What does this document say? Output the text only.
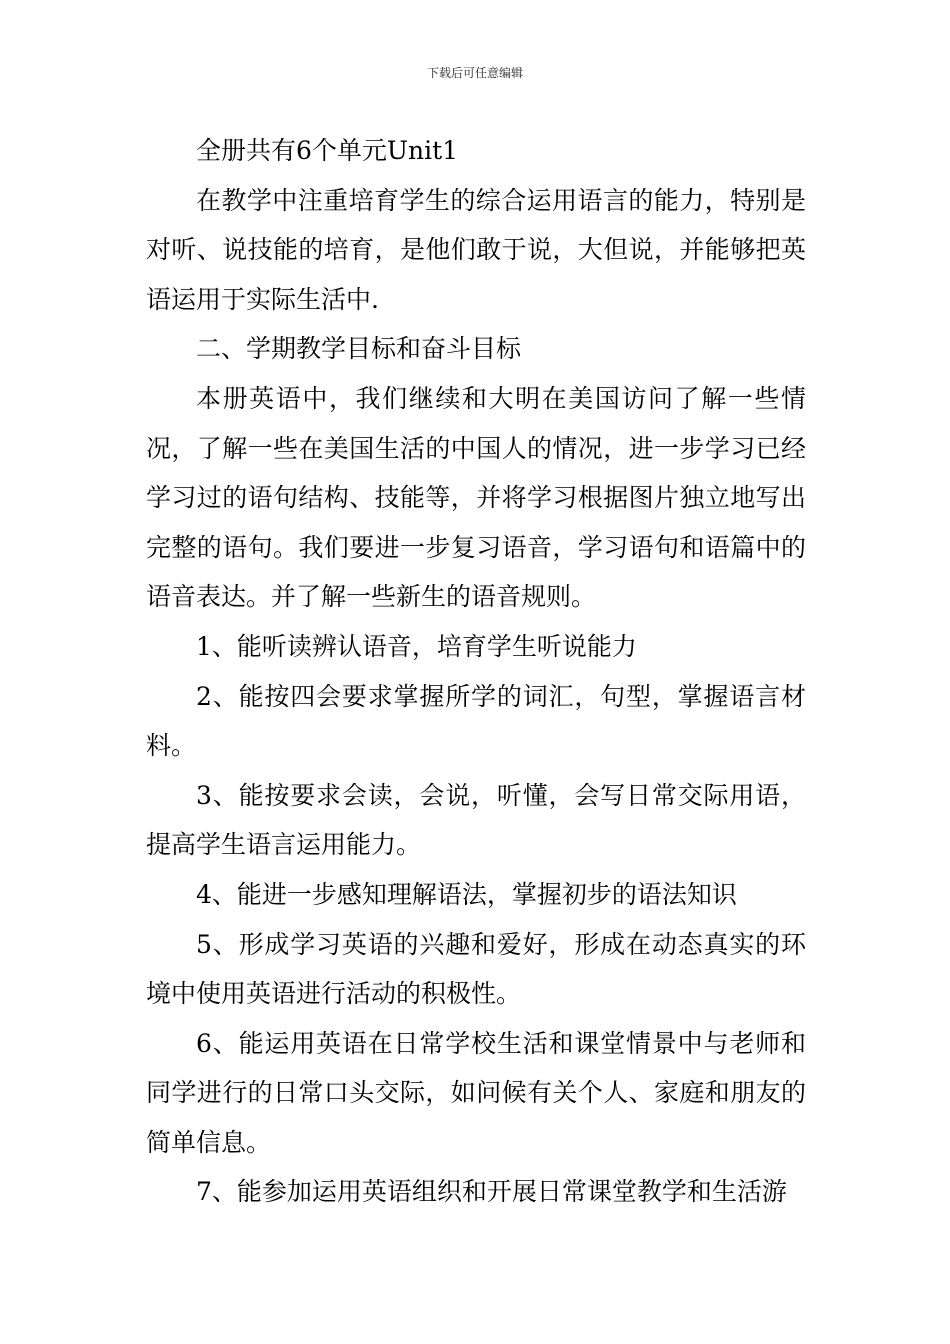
下载后可任意编辑

全册共有6个单元Unit1

在教学中注重培育学生的综合运用语言的能力，特别是对听、说技能的培育，是他们敢于说，大但说，并能够把英语运用于实际生活中.

二、学期教学目标和奋斗目标

本册英语中，我们继续和大明在美国访问了解一些情况，了解一些在美国生活的中国人的情况，进一步学习已经学习过的语句结构、技能等，并将学习根据图片独立地写出完整的语句。我们要进一步复习语音，学习语句和语篇中的语音表达。并了解一些新生的语音规则。

1、能听读辨认语音，培育学生听说能力

2、能按四会要求掌握所学的词汇，句型，掌握语言材料。

3、能按要求会读，会说，听懂，会写日常交际用语，提高学生语言运用能力。

4、能进一步感知理解语法，掌握初步的语法知识

5、形成学习英语的兴趣和爱好，形成在动态真实的环境中使用英语进行活动的积极性。

6、能运用英语在日常学校生活和课堂情景中与老师和同学进行的日常口头交际，如问候有关个人、家庭和朋友的简单信息。

7、能参加运用英语组织和开展日常课堂教学和生活游
